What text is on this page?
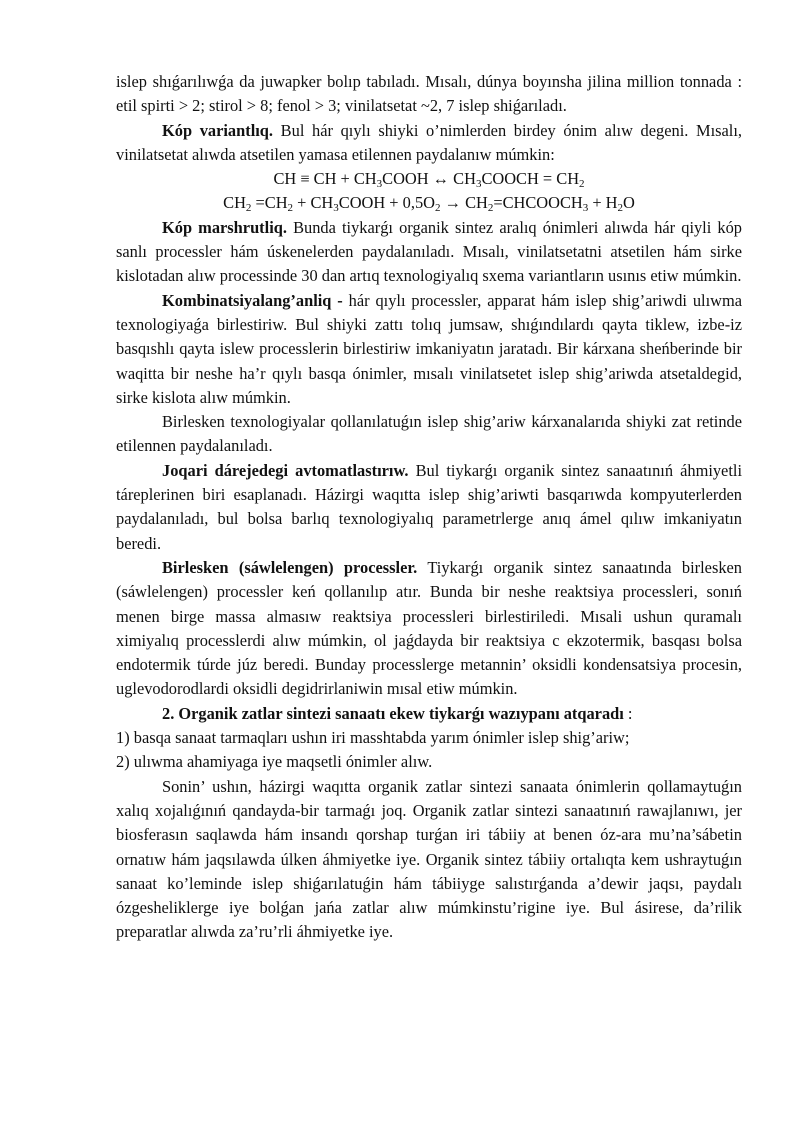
islep shıǵarılıwǵa da juwapker bolıp tabıladı. Mısalı, dúnya boyınsha jilina million tonnada : etil spirti > 2; stirol > 8; fenol > 3; vinilatsetat ~2, 7 islep shiǵarıladı.

Kóp variantlıq. Bul hár qıylı shiyki o’nimlerden birdey ónim alıw degeni. Mısalı, vinilatsetat alıwda atsetilen yamasa etilennen paydalanıw múmkin:

CH ≡ CH + $CH_3COOH$ ↔ $CH_3COOCH = CH_2$

$CH_2 =CH_2$ + $CH_3COOH + 0,5O_2$ → $CH_2=CHCOOCH_3 + H_2O$

Kóp marshrutliq. Bunda tiykarǵı organik sintez aralıq ónimleri alıwda hár qiyli kóp sanlı processler hám úskenelerden paydalanıladı. Mısalı, vinilatsetatni atsetilen hám sirke kislotadan alıw processinde 30 dan artıq texnologiyalıq sxema variantların usınıs etiw múmkin.

Kombinatsiyalang’anliq - hár qıylı processler, apparat hám islep shig’ariwdi ulıwma texnologiyaǵa birlestiriw. Bul shiyki zattı tolıq jumsaw, shıǵındılardı qayta tiklew, izbe-iz basqıshlı qayta islew processlerin birlestiriw imkaniyatın jaratadı. Bir kárxana sheńberinde bir waqitta bir neshe ha’r qıylı basqa ónimler, mısalı vinilatsetet islep shig’ariwda atsetaldegid, sirke kislota alıw múmkin.

Birlesken texnologiyalar qollanılatuǵın islep shig’ariw kárxanalarıda shiyki zat retinde etilennen paydalanıladı.

Joqari dárejedegi avtomatlastırıw. Bul tiykarǵı organik sintez sanaatınıń áhmiyetli táreplerinen biri esaplanadı. Házirgi waqıtta islep shig’ariwti basqarıwda kompyuterlerden paydalanıladı, bul bolsa barlıq texnologiyalıq parametrlerge anıq ámel qılıw imkaniyatın beredi.

Birlesken (sáwlelengen) processler. Tiykarǵı organik sintez sanaatında birlesken (sáwlelengen) processler keń qollanılıp atır. Bunda bir neshe reaktsiya processleri, sonıń menen birge massa almasıw reaktsiya processleri birlestiriledi. Mısali ushun quramalı ximiyalıq processlerdi alıw múmkin, ol jaǵdayda bir reaktsiya c ekzotermik, basqası bolsa endotermik túrde júz beredi. Bunday processlerge metannin’ oksidli kondensatsiya procesin, uglevodorodlardi oksidli degidrirlaniwin mısal etiw múmkin.

2. Organik zatlar sintezi sanaatı ekew tiykarǵı wazıypanı atqaradı :

1) basqa sanaat tarmaqları ushın iri masshtabda yarım ónimler islep shig’ariw;

2) ulıwma ahamiyaga iye maqsetli ónimler alıw.

Sonin’ ushın, házirgi waqıtta organik zatlar sintezi sanaata ónimlerin qollamaytuǵın xalıq xojalıǵınıń qandayda-bir tarmaǵı joq. Organik zatlar sintezi sanaatınıń rawajlanıwı, jer biosferasın saqlawda hám insandı qorshap turǵan iri tábiiy at benen óz-ara mu’na’sábetin ornatıw hám jaqsılawda úlken áhmiyetke iye. Organik sintez tábiiy ortalıqta kem ushraytuǵın sanaat ko’leminde islep shiǵarılatuǵin hám tábiiyge salıstırǵanda a’dewir jaqsı, paydalı ózgesheliklerge iye bolǵan jańa zatlar alıw múmkinstu’rigine iye. Bul ásirese, da’rilik preparatlar alıwda za’ru’rli áhmiyetke iye.
